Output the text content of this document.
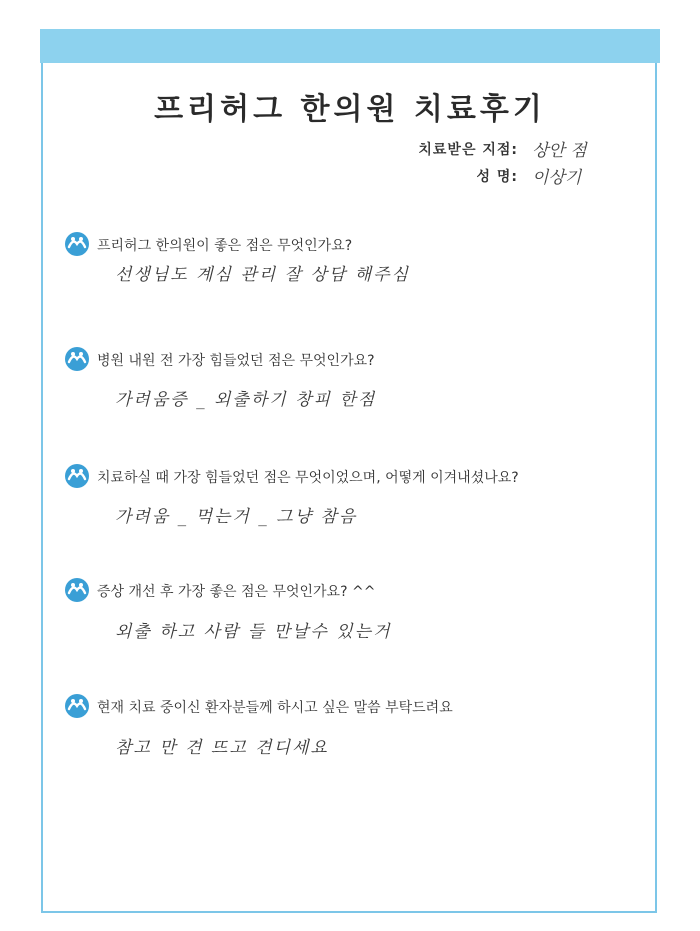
프리허그 한의원 치료후기
치료받은 지점: 상안 점
성 명: 이상기
프리허그 한의원이 좋은 점은 무엇인가요?
선생님도 계심 관리 잘 상담 해주심
병원 내원 전 가장 힘들었던 점은 무엇인가요?
가려움증 _ 외출하기 창피 한점
치료하실 때 가장 힘들었던 점은 무엇이었으며, 어떻게 이겨내셨나요?
가려움 _ 먹는거 _ 그냥 참음
증상 개선 후 가장 좋은 점은 무엇인가요? ^^
외출 하고 사람 들 만날수 있는거
현재 치료 중이신 환자분들께 하시고 싶은 말씀 부탁드려요
참고 만 견 뜨고 견디세요
